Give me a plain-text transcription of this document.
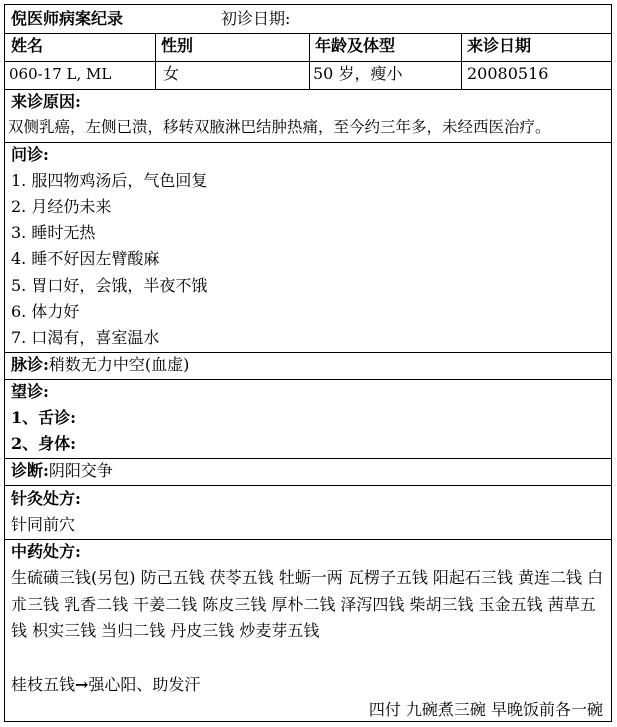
倪医师病案纪录	初诊日期:
姓名	性别	年龄及体型	来诊日期
060-17 L, ML	女	50 岁，瘦小	20080516
来诊原因:
双侧乳癌，左侧已溃，移转双腋淋巴结肿热痛，至今约三年多，未经西医治疗。
问诊:
1. 服四物鸡汤后，气色回复
2. 月经仍未来
3. 睡时无热
4. 睡不好因左臂酸麻
5. 胃口好，会饿，半夜不饿
6. 体力好
7. 口渴有，喜室温水
脉诊:稍数无力中空(血虚)
望诊:
1、舌诊:
2、身体:
诊断:阴阳交争
针灸处方:
针同前穴
中药处方:
生硫磺三钱(另包) 防己五钱 茯苓五钱 牡蛎一两 瓦楞子五钱 阳起石三钱 黄连二钱 白朮三钱 乳香二钱 干姜二钱 陈皮三钱 厚朴二钱 泽泻四钱 柴胡三钱 玉金五钱 茜草五钱 枳实三钱 当归二钱 丹皮三钱 炒麦芽五钱
桂枝五钱→强心阳、助发汗
四付 九碗煮三碗 早晚饭前各一碗
